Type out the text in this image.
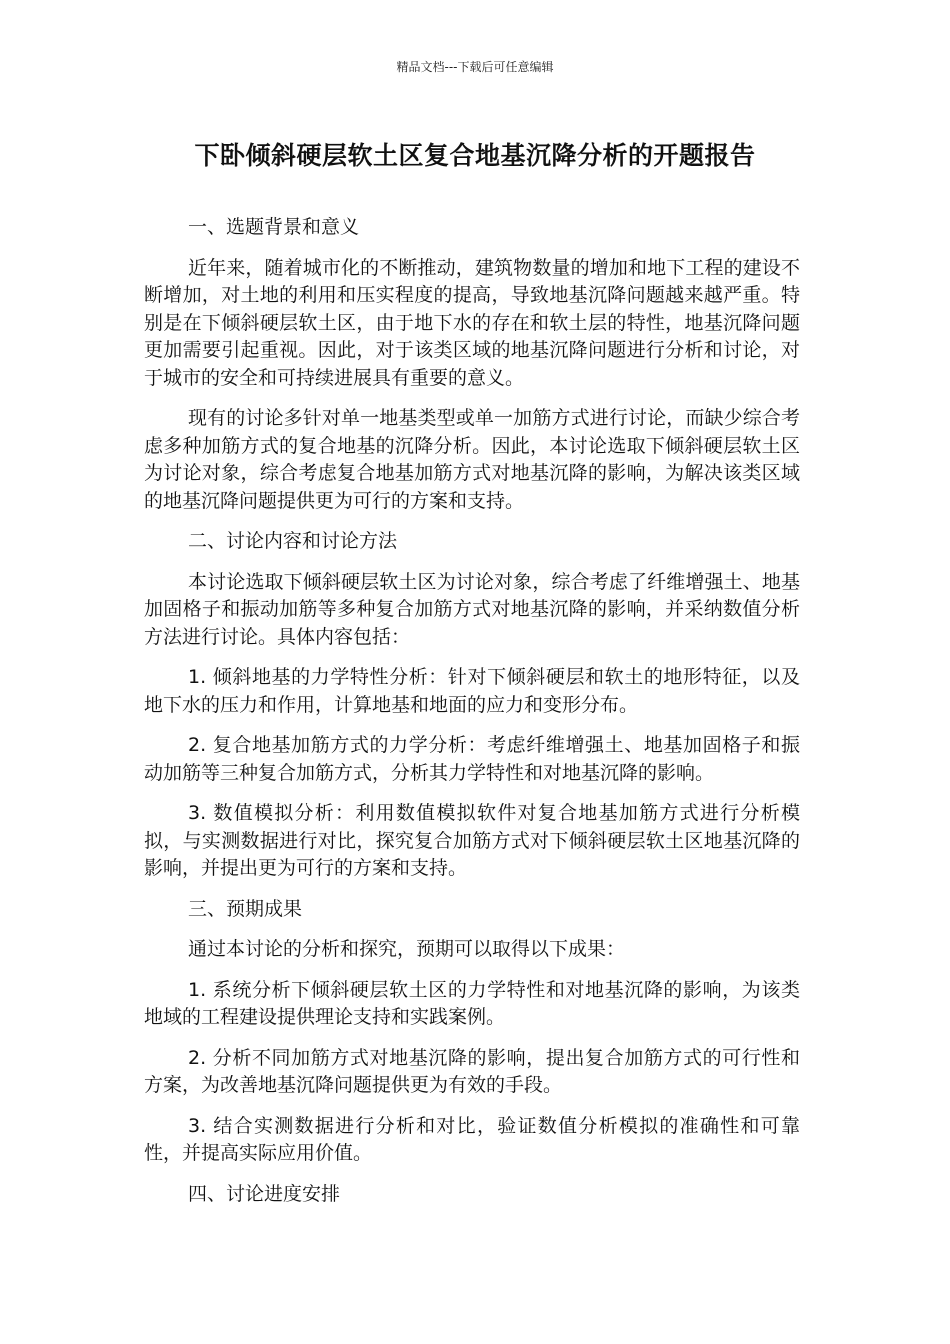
精品文档---下载后可任意编辑
下卧倾斜硬层软土区复合地基沉降分析的开题报告

一、选题背景和意义

近年来，随着城市化的不断推动，建筑物数量的增加和地下工程的建设不断增加，对土地的利用和压实程度的提高，导致地基沉降问题越来越严重。特别是在下倾斜硬层软土区，由于地下水的存在和软土层的特性，地基沉降问题更加需要引起重视。因此，对于该类区域的地基沉降问题进行分析和讨论，对于城市的安全和可持续进展具有重要的意义。

现有的讨论多针对单一地基类型或单一加筋方式进行讨论，而缺少综合考虑多种加筋方式的复合地基的沉降分析。因此，本讨论选取下倾斜硬层软土区为讨论对象，综合考虑复合地基加筋方式对地基沉降的影响，为解决该类区域的地基沉降问题提供更为可行的方案和支持。

二、讨论内容和讨论方法

本讨论选取下倾斜硬层软土区为讨论对象，综合考虑了纤维增强土、地基加固格子和振动加筋等多种复合加筋方式对地基沉降的影响，并采纳数值分析方法进行讨论。具体内容包括：

1. 倾斜地基的力学特性分析：针对下倾斜硬层和软土的地形特征，以及地下水的压力和作用，计算地基和地面的应力和变形分布。

2. 复合地基加筋方式的力学分析：考虑纤维增强土、地基加固格子和振动加筋等三种复合加筋方式，分析其力学特性和对地基沉降的影响。

3. 数值模拟分析：利用数值模拟软件对复合地基加筋方式进行分析模拟，与实测数据进行对比，探究复合加筋方式对下倾斜硬层软土区地基沉降的影响，并提出更为可行的方案和支持。

三、预期成果

通过本讨论的分析和探究，预期可以取得以下成果：

1. 系统分析下倾斜硬层软土区的力学特性和对地基沉降的影响，为该类地域的工程建设提供理论支持和实践案例。

2. 分析不同加筋方式对地基沉降的影响，提出复合加筋方式的可行性和方案，为改善地基沉降问题提供更为有效的手段。

3. 结合实测数据进行分析和对比，验证数值分析模拟的准确性和可靠性，并提高实际应用价值。

四、讨论进度安排
